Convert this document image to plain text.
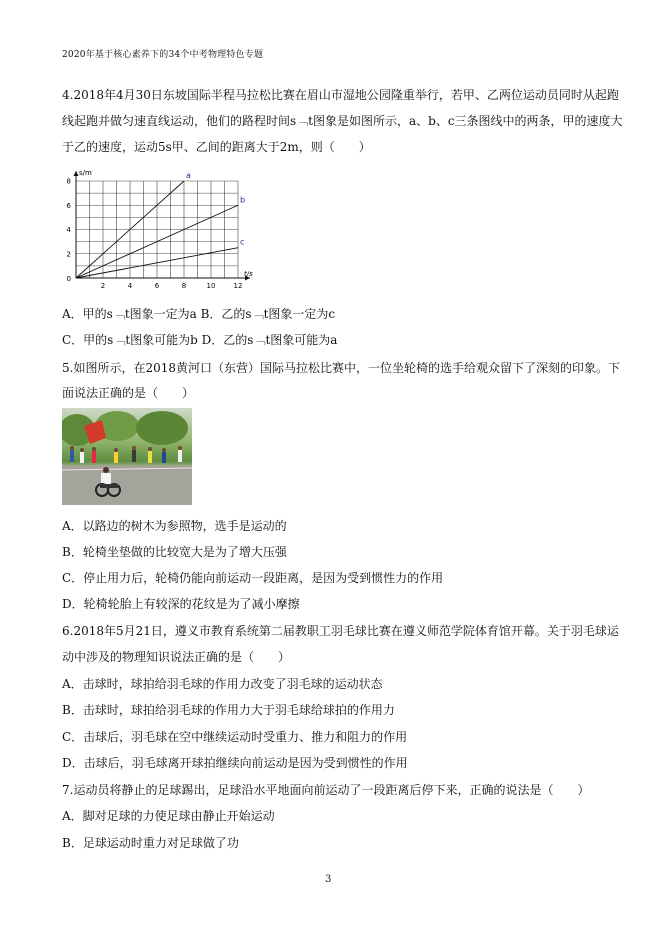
2020年基于核心素养下的34个中考物理特色专题
4.2018年4月30日东坡国际半程马拉松比赛在眉山市湿地公园隆重举行，若甲、乙两位运动员同时从起跑
线起跑并做匀速直线运动，他们的路程时间s﹁t图象是如图所示，a、b、c三条图线中的两条，甲的速度大
于乙的速度，运动5s甲、乙间的距离大于2m，则（　　）
2	4	6	8	10	12
2
4
6
8
0
s/m
t/s
a
b
c
A．甲的s﹁t图象一定为a B．乙的s﹁t图象一定为c
C．甲的s﹁t图象可能为b D．乙的s﹁t图象可能为a
5.如图所示，在2018黄河口（东营）国际马拉松比赛中，一位坐轮椅的选手给观众留下了深刻的印象。下
面说法正确的是（　　）
A．以路边的树木为参照物，选手是运动的
B．轮椅坐垫做的比较宽大是为了增大压强
C．停止用力后，轮椅仍能向前运动一段距离，是因为受到惯性力的作用
D．轮椅轮胎上有较深的花纹是为了减小摩擦
6.2018年5月21日，遵义市教育系统第二届教职工羽毛球比赛在遵义师范学院体育馆开幕。关于羽毛球运
动中涉及的物理知识说法正确的是（　　）
A．击球时，球拍给羽毛球的作用力改变了羽毛球的运动状态
B．击球时，球拍给羽毛球的作用力大于羽毛球给球拍的作用力
C．击球后，羽毛球在空中继续运动时受重力、推力和阻力的作用
D．击球后，羽毛球离开球拍继续向前运动是因为受到惯性的作用
7.运动员将静止的足球踢出，足球沿水平地面向前运动了一段距离后停下来，正确的说法是（　　）
A．脚对足球的力使足球由静止开始运动
B．足球运动时重力对足球做了功
3
